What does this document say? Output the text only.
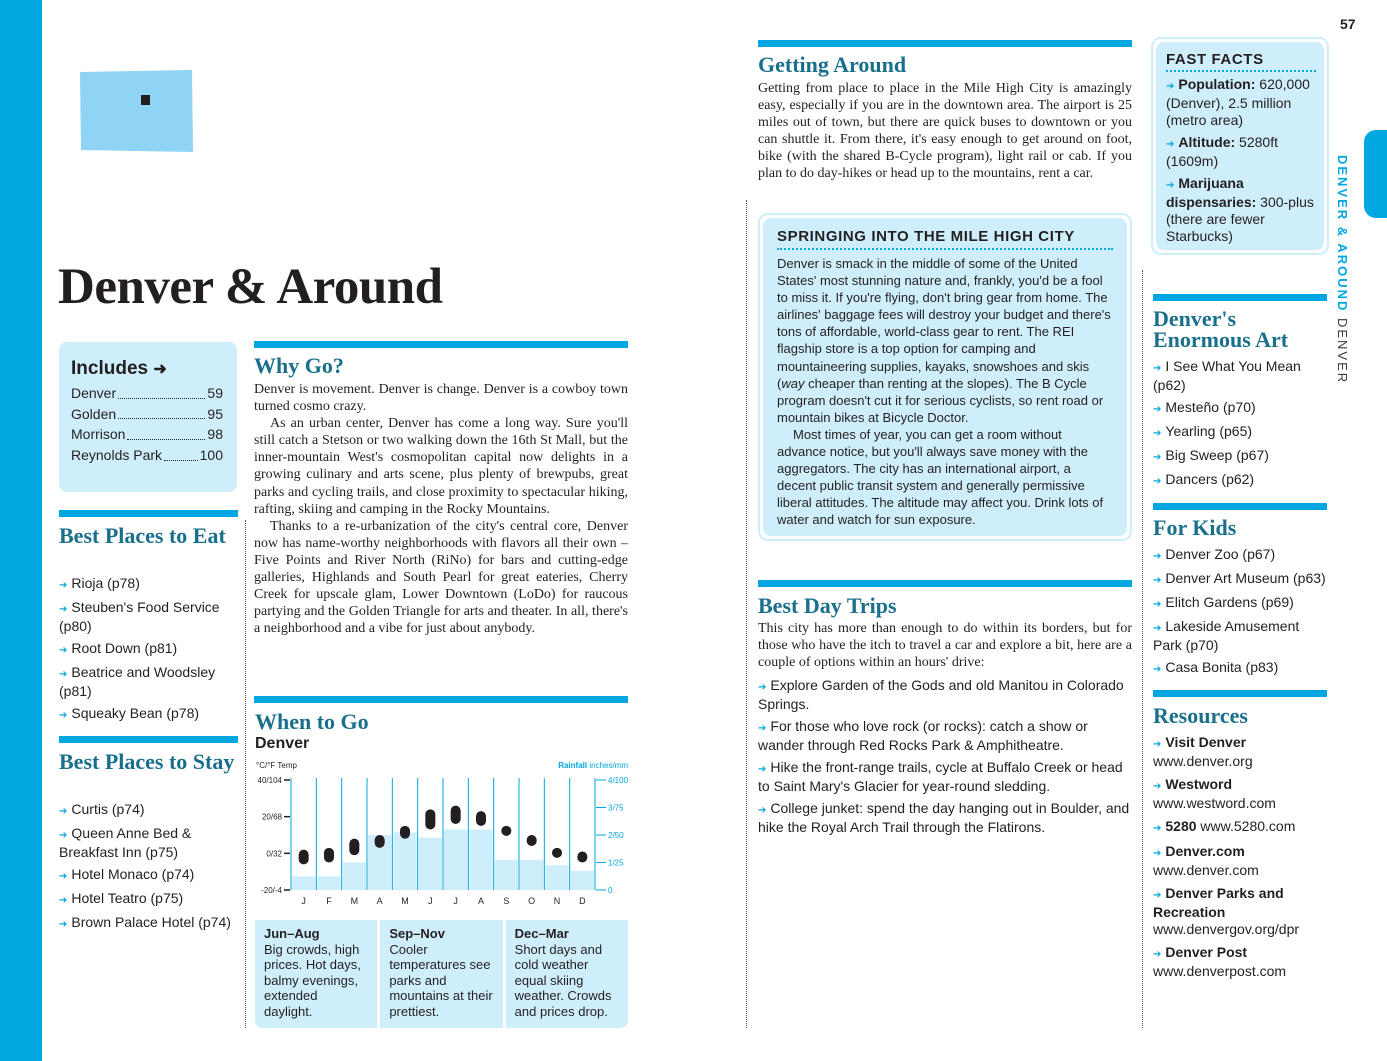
57
DENVER & AROUND DENVER
Denver & Around
Includes ➜
Denver	59
Golden	95
Morrison	98
Reynolds Park	100
Best Places to Eat
➔ Rioja (p78)
➔ Steuben's Food Service (p80)
➔ Root Down (p81)
➔ Beatrice and Woodsley (p81)
➔ Squeaky Bean (p78)
Best Places to Stay
➔ Curtis (p74)
➔ Queen Anne Bed & Breakfast Inn (p75)
➔ Hotel Monaco (p74)
➔ Hotel Teatro (p75)
➔ Brown Palace Hotel (p74)
Why Go?

Denver is movement. Denver is change. Denver is a cowboy town turned cosmo crazy.

As an urban center, Denver has come a long way. Sure you'll still catch a Stetson or two walking down the 16th St Mall, but the inner-mountain West's cosmopolitan capital now delights in a growing culinary and arts scene, plus plenty of brewpubs, great parks and cycling trails, and close proximity to spectacular hiking, rafting, skiing and camping in the Rocky Mountains.

Thanks to a re-urbanization of the city's central core, Denver now has name-worthy neighborhoods with flavors all their own – Five Points and River North (RiNo) for bars and cutting-edge galleries, Highlands and South Pearl for great eateries, Cherry Creek for upscale glam, Lower Downtown (LoDo) for raucous partying and the Golden Triangle for arts and theater. In all, there's a neighborhood and a vibe for just about anybody.

When to Go
Denver
°C/°F Temp	Rainfall inches/mm
40/104
20/68
0/32
-20/-4
4/100
3/75
2/50
1/25
0
J F M A M J J A S O N D
Jun–Aug
Big crowds, high prices. Hot days, balmy evenings, extended daylight.
Sep–Nov
Cooler temperatures see parks and mountains at their prettiest.
Dec–Mar
Short days and cold weather equal skiing weather. Crowds and prices drop.
Getting Around
Getting from place to place in the Mile High City is amazingly easy, especially if you are in the downtown area. The airport is 25 miles out of town, but there are quick buses to downtown or you can shuttle it. From there, it's easy enough to get around on foot, bike (with the shared B-Cycle program), light rail or cab. If you plan to do day-hikes or head up to the mountains, rent a car.
SPRINGING INTO THE MILE HIGH CITY

Denver is smack in the middle of some of the United States' most stunning nature and, frankly, you'd be a fool to miss it. If you're flying, don't bring gear from home. The airlines' baggage fees will destroy your budget and there's tons of affordable, world-class gear to rent. The REI flagship store is a top option for camping and mountaineering supplies, kayaks, snowshoes and skis (way cheaper than renting at the slopes). The B Cycle program doesn't cut it for serious cyclists, so rent road or mountain bikes at Bicycle Doctor.

Most times of year, you can get a room without advance notice, but you'll always save money with the aggregators. The city has an international airport, a decent public transit system and generally permissive liberal attitudes. The altitude may affect you. Drink lots of water and watch for sun exposure.

Best Day Trips
This city has more than enough to do within its borders, but for those who have the itch to travel a car and explore a bit, here are a couple of options within an hours' drive:
➔ Explore Garden of the Gods and old Manitou in Colorado Springs.
➔ For those who love rock (or rocks): catch a show or wander through Red Rocks Park & Amphitheatre.
➔ Hike the front-range trails, cycle at Buffalo Creek or head to Saint Mary's Glacier for year-round sledding.
➔ College junket: spend the day hanging out in Boulder, and hike the Royal Arch Trail through the Flatirons.
FAST FACTS
➔ Population: 620,000 (Denver), 2.5 million (metro area)
➔ Altitude: 5280ft (1609m)
➔ Marijuana dispensaries: 300-plus (there are fewer Starbucks)
Denver's Enormous Art
➔ I See What You Mean (p62)
➔ Mesteño (p70)
➔ Yearling (p65)
➔ Big Sweep (p67)
➔ Dancers (p62)
For Kids
➔ Denver Zoo (p67)
➔ Denver Art Museum (p63)
➔ Elitch Gardens (p69)
➔ Lakeside Amusement Park (p70)
➔ Casa Bonita (p83)
Resources
➔ Visit Denver www.denver.org
➔ Westword www.westword.com
➔ 5280 www.5280.com
➔ Denver.com www.denver.com
➔ Denver Parks and Recreation www.denvergov.org/dpr
➔ Denver Post www.denverpost.com
